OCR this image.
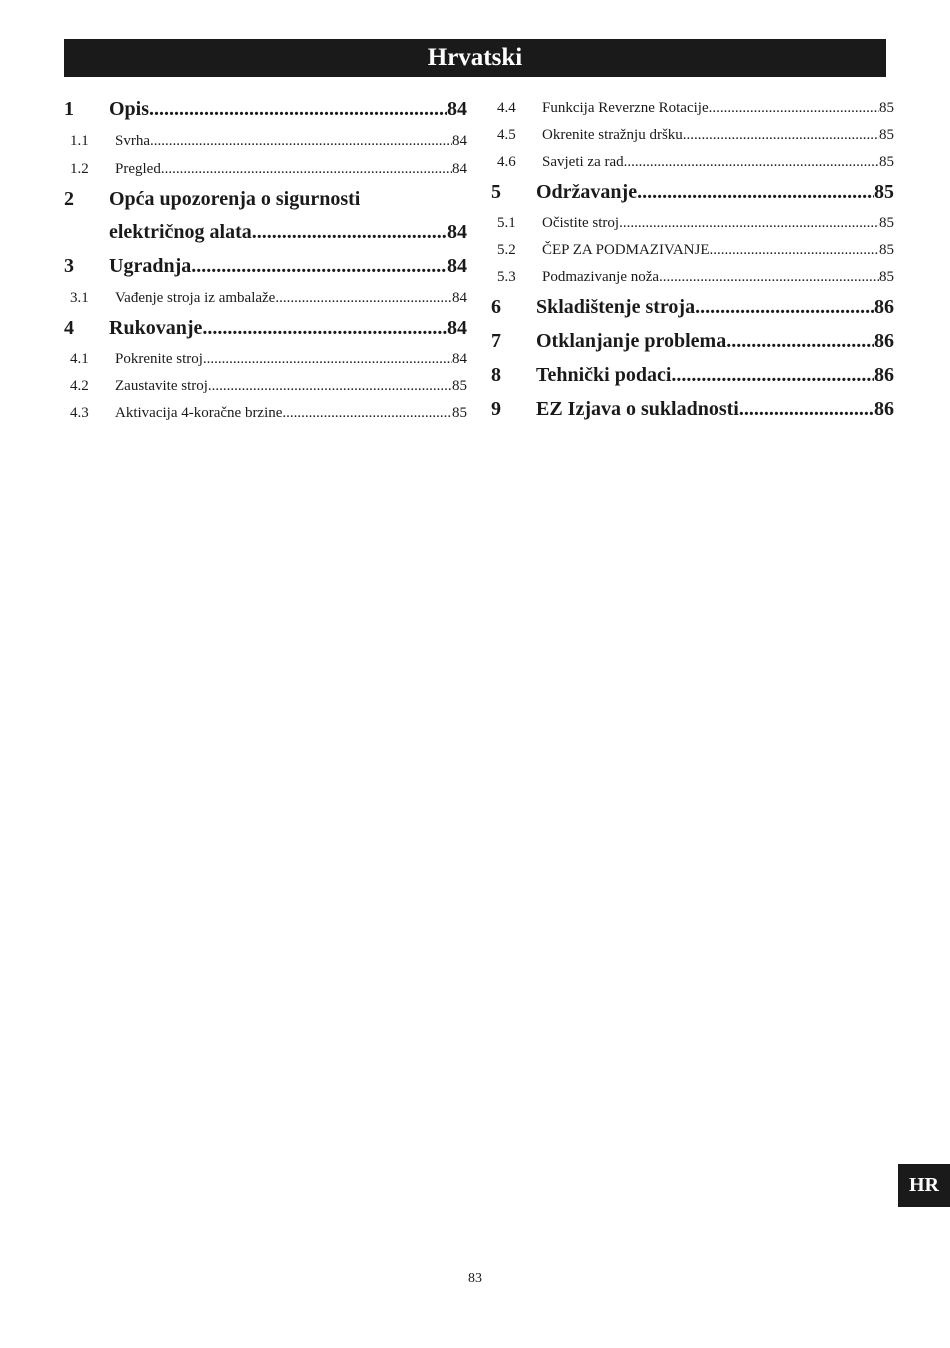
Hrvatski
1	Opis .....	84
1.1	Svrha .....	84
1.2	Pregled .....	84
2	Opća upozorenja o sigurnosti
električnog alata .....	84
3	Ugradnja .....	84
3.1	Vađenje stroja iz ambalaže .....	84
4	Rukovanje .....	84
4.1	Pokrenite stroj .....	84
4.2	Zaustavite stroj .....	85
4.3	Aktivacija 4-koračne brzine .....	85
4.4	Funkcija Reverzne Rotacije .....	85
4.5	Okrenite stražnju dršku .....	85
4.6	Savjeti za rad .....	85
5	Održavanje .....	85
5.1	Očistite stroj .....	85
5.2	ČEP ZA PODMAZIVANJE .....	85
5.3	Podmazivanje noža .....	85
6	Skladištenje stroja .....	86
7	Otklanjanje problema .....	86
8	Tehnički podaci .....	86
9	EZ Izjava o sukladnosti .....	86
HR
83
